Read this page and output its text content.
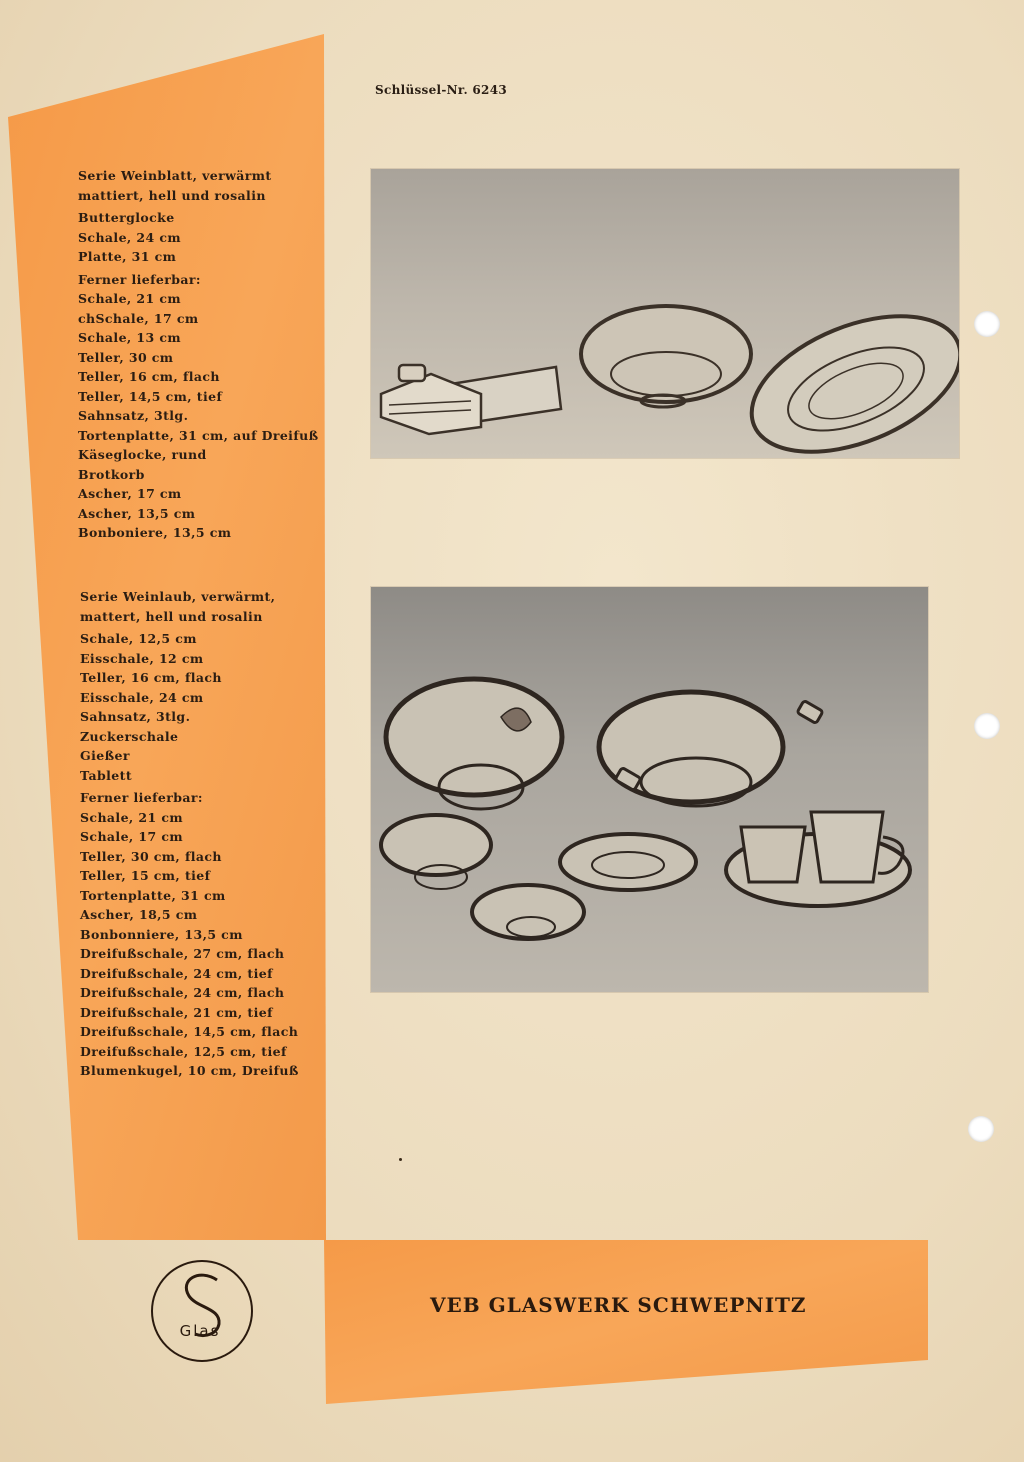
Schlüssel-Nr. 6243
Serie Weinblatt, verwärmt
mattiert, hell und rosalin
Butterglocke
Schale, 24 cm
Platte, 31 cm
Ferner lieferbar:
Schale, 21 cm
chSchale, 17 cm
Schale, 13 cm
Teller, 30 cm
Teller, 16 cm, flach
Teller, 14,5 cm, tief
Sahnsatz, 3tlg.
Tortenplatte, 31 cm, auf Dreifuß
Käseglocke, rund
Brotkorb
Ascher, 17 cm
Ascher, 13,5 cm
Bonboniere, 13,5 cm
Serie Weinlaub, verwärmt,
mattert, hell und rosalin
Schale, 12,5 cm
Eisschale, 12 cm
Teller, 16 cm, flach
Eisschale, 24 cm
Sahnsatz, 3tlg.
Zuckerschale
Gießer
Tablett
Ferner lieferbar:
Schale, 21 cm
Schale, 17 cm
Teller, 30 cm, flach
Teller, 15 cm, tief
Tortenplatte, 31 cm
Ascher, 18,5 cm
Bonbonniere, 13,5 cm
Dreifußschale, 27 cm, flach
Dreifußschale, 24 cm, tief
Dreifußschale, 24 cm, flach
Dreifußschale, 21 cm, tief
Dreifußschale, 14,5 cm, flach
Dreifußschale, 12,5 cm, tief
Blumenkugel, 10 cm, Dreifuß
Glas
VEB GLASWERK SCHWEPNITZ
